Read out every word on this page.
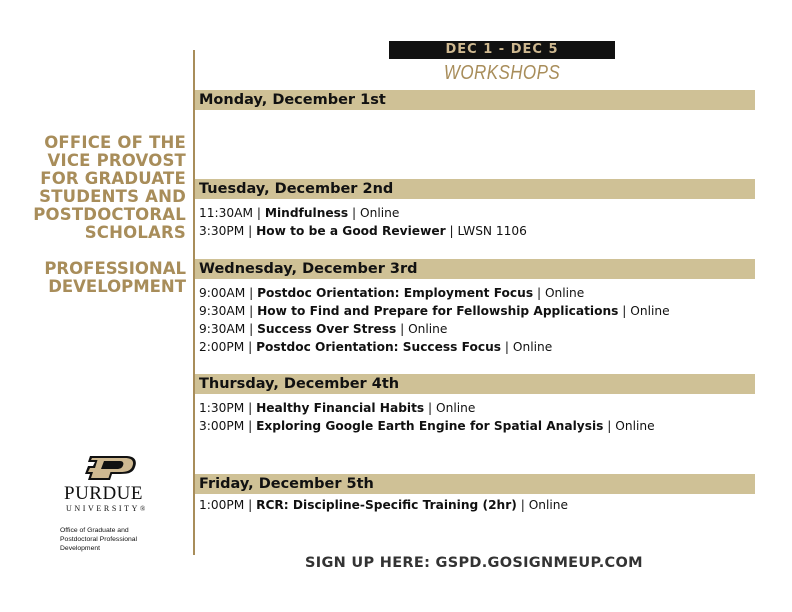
OFFICE OF THE
VICE PROVOST
FOR GRADUATE
STUDENTS AND
POSTDOCTORAL
SCHOLARS
PROFESSIONAL
DEVELOPMENT
DEC 1 - DEC 5
WORKSHOPS
Monday, December 1st
Tuesday, December 2nd
11:30AM | Mindfulness | Online
3:30PM | How to be a Good Reviewer | LWSN 1106
Wednesday, December 3rd
9:00AM | Postdoc Orientation: Employment Focus | Online
9:30AM | How to Find and Prepare for Fellowship Applications | Online
9:30AM | Success Over Stress | Online
2:00PM | Postdoc Orientation: Success Focus | Online
Thursday, December 4th
1:30PM | Healthy Financial Habits | Online
3:00PM | Exploring Google Earth Engine for Spatial Analysis | Online
Friday, December 5th
1:00PM | RCR: Discipline-Specific Training (2hr) | Online
PURDUE
UNIVERSITY®
Office of Graduate and
Postdoctoral Professional
Development
SIGN UP HERE: GSPD.GOSIGNMEUP.COM
